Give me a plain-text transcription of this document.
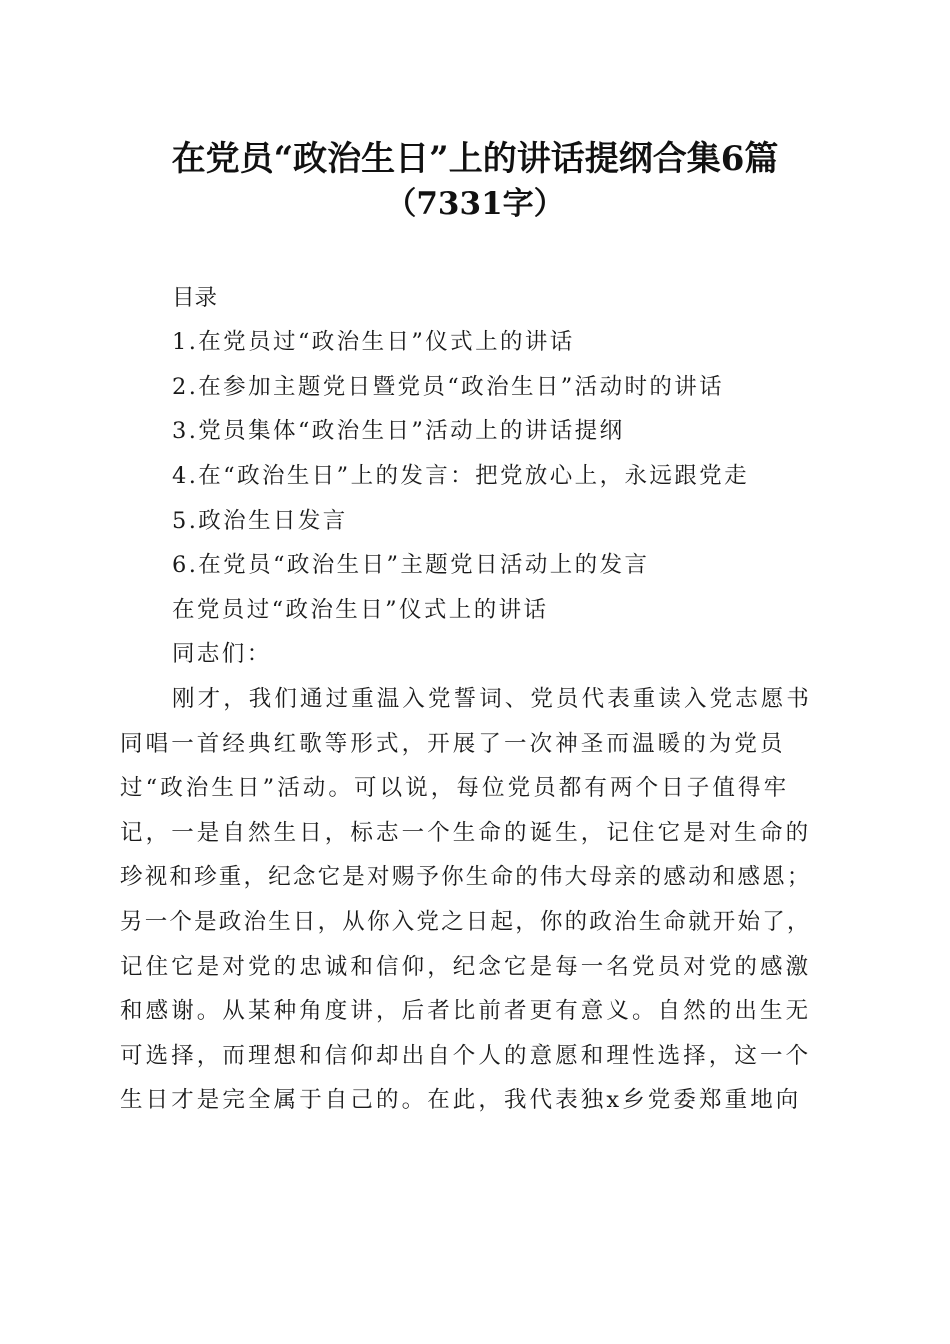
在党员“政治生日”上的讲话提纲合集6篇
（7331字）
目录
1.在党员过“政治生日”仪式上的讲话
2.在参加主题党日暨党员“政治生日”活动时的讲话
3.党员集体“政治生日”活动上的讲话提纲
4.在“政治生日”上的发言：把党放心上，永远跟党走
5.政治生日发言
6.在党员“政治生日”主题党日活动上的发言
在党员过“政治生日”仪式上的讲话
同志们：
刚才，我们通过重温入党誓词、党员代表重读入党志愿书
同唱一首经典红歌等形式，开展了一次神圣而温暖的为党员
过“政治生日”活动。可以说，每位党员都有两个日子值得牢
记，一是自然生日，标志一个生命的诞生，记住它是对生命的
珍视和珍重，纪念它是对赐予你生命的伟大母亲的感动和感恩；
另一个是政治生日，从你入党之日起，你的政治生命就开始了，
记住它是对党的忠诚和信仰，纪念它是每一名党员对党的感激
和感谢。从某种角度讲，后者比前者更有意义。自然的出生无
可选择，而理想和信仰却出自个人的意愿和理性选择，这一个
生日才是完全属于自己的。在此，我代表独x乡党委郑重地向
